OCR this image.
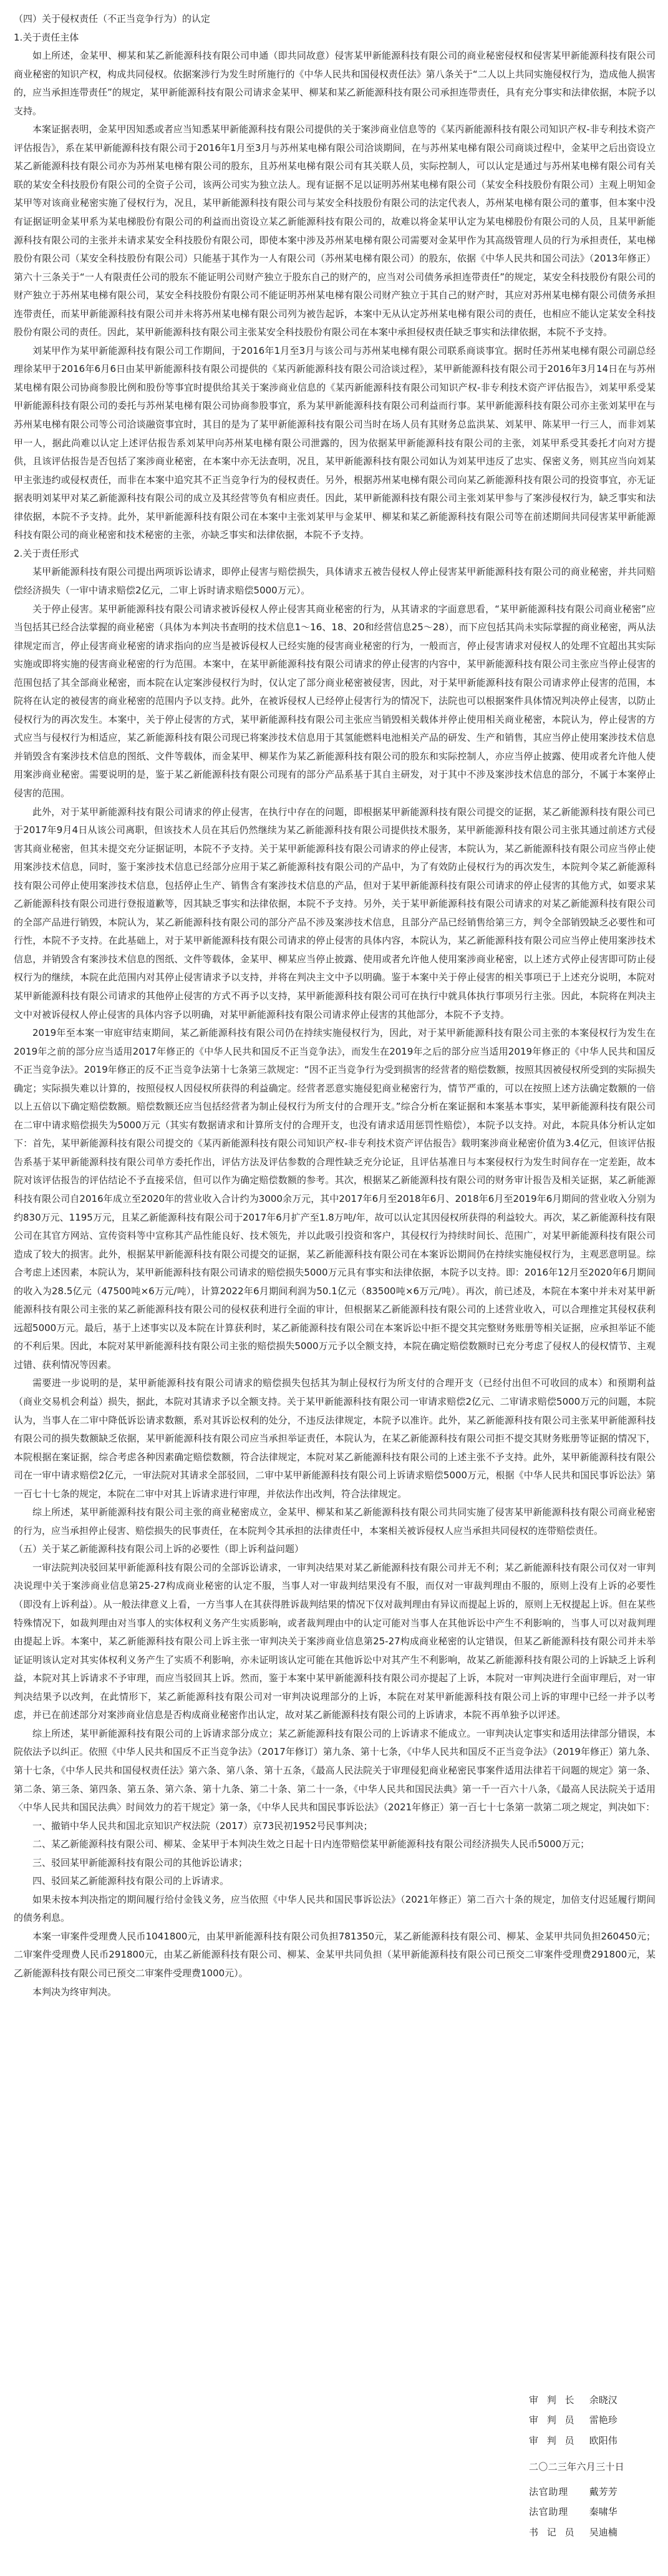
（四）关于侵权责任（不正当竞争行为）的认定

1.关于责任主体

如上所述，金某甲、柳某和某乙新能源科技有限公司申通（即共同故意）侵害某甲新能源科技有限公司的商业秘密侵权和侵害某甲新能源科技有限公司商业秘密的知识产权，构成共同侵权。依据案涉行为发生时所施行的《中华人民共和国侵权责任法》第八条关于“二人以上共同实施侵权行为，造成他人损害的，应当承担连带责任”的规定，某甲新能源科技有限公司请求金某甲、柳某和某乙新能源科技有限公司承担连带责任，具有充分事实和法律依据，本院予以支持。

本案证据表明，金某甲因知悉或者应当知悉某甲新能源科技有限公司提供的关于案涉商业信息等的《某丙新能源科技有限公司知识产权-非专利技术资产评估报告》，系在某甲新能源科技有限公司于2016年1月至3月与苏州某电梯有限公司洽谈期间，在与苏州某电梯有限公司商谈过程中，金某甲之后出资设立某乙新能源科技有限公司亦为苏州某电梯有限公司的股东，且苏州某电梯有限公司有其关联人员，实际控制人，可以认定是通过与苏州某电梯有限公司有关联的某安全科技股份有限公司的全资子公司，该两公司实为独立法人。现有证据不足以证明苏州某电梯有限公司（某安全科技股份有限公司）主观上明知金某甲等对该商业秘密实施了侵权行为，况且，某甲新能源科技有限公司与某安全科技股份有限公司的法定代表人，苏州某电梯有限公司的董事，但本案中没有证据证明金某甲系为某电梯股份有限公司的利益而出资设立某乙新能源科技有限公司的，故难以将金某甲认定为某电梯股份有限公司的人员，且某甲新能源科技有限公司的主张并未请求某安全科技股份有限公司，即使本案中涉及苏州某电梯有限公司需要对金某甲作为其高级管理人员的行为承担责任，某电梯股份有限公司（某安全科技股份有限公司）只能基于其作为一人有限公司（苏州某电梯有限公司）的股东，依据《中华人民共和国公司法》（2013年修正）第六十三条关于“一人有限责任公司的股东不能证明公司财产独立于股东自己的财产的，应当对公司债务承担连带责任”的规定，某安全科技股份有限公司的财产独立于苏州某电梯有限公司，某安全科技股份有限公司不能证明苏州某电梯有限公司财产独立于其自己的财产时，其应对苏州某电梯有限公司债务承担连带责任，而某甲新能源科技有限公司并未将苏州某电梯有限公司列为被告起诉，本案中无从认定苏州某电梯有限公司的责任，也相应不能认定某安全科技股份有限公司的责任。因此，某甲新能源科技有限公司主张某安全科技股份有限公司在本案中承担侵权责任缺乏事实和法律依据，本院不予支持。

刘某甲作为某甲新能源科技有限公司工作期间，于2016年1月至3月与该公司与苏州某电梯有限公司联系商谈事宜。据时任苏州某电梯有限公司副总经理徐某甲于2016年6月6日由某甲新能源科技有限公司提供的《某丙新能源科技有限公司洽谈过程》，某甲新能源科技有限公司于2016年3月14日在与苏州某电梯有限公司协商参股比例和股份等事宜时提供给其关于案涉商业信息的《某丙新能源科技有限公司知识产权-非专利技术资产评估报告》，刘某甲系受某甲新能源科技有限公司的委托与苏州某电梯有限公司协商参股事宜，系为某甲新能源科技有限公司利益而行事。某甲新能源科技有限公司亦主张刘某甲在与苏州某电梯有限公司等公司洽谈融资事宜时，其目的是为了某甲新能源科技有限公司当时在场人员有其财务总监洪某、刘某甲、陈某甲一行三人，而非刘某甲一人，据此尚难以认定上述评估报告系刘某甲向苏州某电梯有限公司泄露的，因为依据某甲新能源科技有限公司的主张，刘某甲系受其委托才向对方提供，且该评估报告是否包括了案涉商业秘密，在本案中亦无法查明，况且，某甲新能源科技有限公司如认为刘某甲违反了忠实、保密义务，则其应当向刘某甲主张违约或侵权责任，而非在本案中追究其不正当竞争行为的侵权责任。另外，根据苏州某电梯有限公司向某乙新能源科技有限公司的投资事宜，亦无证据表明刘某甲对某乙新能源科技有限公司的成立及其经营等负有相应责任。因此，某甲新能源科技有限公司主张刘某甲参与了案涉侵权行为，缺乏事实和法律依据，本院不予支持。此外，某甲新能源科技有限公司在本案中主张刘某甲与金某甲、柳某和某乙新能源科技有限公司等在前述期间共同侵害某甲新能源科技有限公司的商业秘密和技术秘密的主张，亦缺乏事实和法律依据，本院不予支持。

2.关于责任形式

某甲新能源科技有限公司提出两项诉讼请求，即停止侵害与赔偿损失，具体请求五被告侵权人停止侵害某甲新能源科技有限公司的商业秘密，并共同赔偿经济损失（一审中请求赔偿2亿元，二审上诉时请求赔偿5000万元）。

关于停止侵害。某甲新能源科技有限公司请求被诉侵权人停止侵害其商业秘密的行为，从其请求的字面意思看，“某甲新能源科技有限公司商业秘密”应当包括其已经合法掌握的商业秘密（具体为本判决书查明的技术信息1～16、18、20和经营信息25～28），而下应包括其尚未实际掌握的商业秘密，两从法律规定而言，停止侵害商业秘密的请求指向的应当是被诉侵权人已经实施的侵害商业秘密的行为，一般而言，停止侵害请求对侵权人的处理不宜超出其实际实施或即将实施的侵害商业秘密的行为范围。本案中，在某甲新能源科技有限公司请求的停止侵害的内容中，某甲新能源科技有限公司主张应当停止侵害的范围包括了其全部商业秘密，而本院在认定案涉侵权行为时，仅认定了部分商业秘密被侵害，因此，对于某甲新能源科技有限公司请求停止侵害的范围，本院将在认定的被侵害的商业秘密的范围内予以支持。此外，在被诉侵权人已经停止侵害行为的情况下，法院也可以根据案件具体情况判决停止侵害，以防止侵权行为的再次发生。本案中，关于停止侵害的方式，某甲新能源科技有限公司主张应当销毁相关载体并停止使用相关商业秘密，本院认为，停止侵害的方式应当与侵权行为相适应，某乙新能源科技有限公司现已将案涉技术信息用于其氢能燃料电池相关产品的研发、生产和销售，其应当停止使用案涉技术信息并销毁含有案涉技术信息的图纸、文件等载体，而金某甲、柳某作为某乙新能源科技有限公司的股东和实际控制人，亦应当停止披露、使用或者允许他人使用案涉商业秘密。需要说明的是，鉴于某乙新能源科技有限公司现有的部分产品系基于其自主研发，对于其中不涉及案涉技术信息的部分，不属于本案停止侵害的范围。

此外，对于某甲新能源科技有限公司请求的停止侵害，在执行中存在的问题，即根据某甲新能源科技有限公司提交的证据，某乙新能源科技有限公司已于2017年9月4日从该公司离职，但该技术人员在其后仍然继续为某乙新能源科技有限公司提供技术服务，某甲新能源科技有限公司主张其通过前述方式侵害其商业秘密，但其未提交充分证据证明，本院不予支持。关于某甲新能源科技有限公司请求的停止侵害，本院认为，某乙新能源科技有限公司应当停止使用案涉技术信息，同时，鉴于案涉技术信息已经部分应用于某乙新能源科技有限公司的产品中，为了有效防止侵权行为的再次发生，本院判令某乙新能源科技有限公司停止使用案涉技术信息，包括停止生产、销售含有案涉技术信息的产品，但对于某甲新能源科技有限公司请求的停止侵害的其他方式，如要求某乙新能源科技有限公司进行登报道歉等，因其缺乏事实和法律依据，本院不予支持。另外，关于某甲新能源科技有限公司请求的对某乙新能源科技有限公司的全部产品进行销毁，本院认为，某乙新能源科技有限公司的部分产品不涉及案涉技术信息，且部分产品已经销售给第三方，判令全部销毁缺乏必要性和可行性，本院不予支持。在此基础上，对于某甲新能源科技有限公司请求的停止侵害的具体内容，本院认为，某乙新能源科技有限公司应当停止使用案涉技术信息，并销毁含有案涉技术信息的图纸、文件等载体，金某甲、柳某应当停止披露、使用或者允许他人使用案涉商业秘密，以上述方式停止侵害即可防止侵权行为的继续，本院在此范围内对其停止侵害请求予以支持，并将在判决主文中予以明确。鉴于本案中关于停止侵害的相关事项已于上述充分说明，本院对某甲新能源科技有限公司请求的其他停止侵害的方式不再予以支持，某甲新能源科技有限公司可在执行中就具体执行事项另行主张。因此，本院将在判决主文中对被诉侵权人停止侵害的具体内容予以明确，对某甲新能源科技有限公司请求停止侵害的其他部分，本院不予支持。

2019年至本案一审庭审结束期间，某乙新能源科技有限公司仍在持续实施侵权行为，因此，对于某甲新能源科技有限公司主张的本案侵权行为发生在2019年之前的部分应当适用2017年修正的《中华人民共和国反不正当竞争法》，而发生在2019年之后的部分应当适用2019年修正的《中华人民共和国反不正当竞争法》。2019年修正的反不正当竞争法第十七条第三款规定：“因不正当竞争行为受到损害的经营者的赔偿数额，按照其因被侵权所受到的实际损失确定；实际损失难以计算的，按照侵权人因侵权所获得的利益确定。经营者恶意实施侵犯商业秘密行为，情节严重的，可以在按照上述方法确定数额的一倍以上五倍以下确定赔偿数额。赔偿数额还应当包括经营者为制止侵权行为所支付的合理开支。”综合分析在案证据和本案基本事实，某甲新能源科技有限公司在二审中请求赔偿损失为5000万元（其实有数据请求和计算所支付的合理开支，也没有请求适用惩罚性赔偿），本院予以支持。对此，本院具体分析认定如下：首先，某甲新能源科技有限公司提交的《某丙新能源科技有限公司知识产权-非专利技术资产评估报告》载明案涉商业秘密价值为3.4亿元，但该评估报告系基于某甲新能源科技有限公司单方委托作出，评估方法及评估参数的合理性缺乏充分论证，且评估基准日与本案侵权行为发生时间存在一定差距，故本院对该评估报告的评估结论不予直接采信，但可以作为确定赔偿数额的参考。其次，根据某乙新能源科技有限公司的财务审计报告及相关证据，某乙新能源科技有限公司自2016年成立至2020年的营业收入合计约为3000余万元，其中2017年6月至2018年6月、2018年6月至2019年6月期间的营业收入分别为约830万元、1195万元，且某乙新能源科技有限公司于2017年6月扩产至1.8万吨/年，故可以认定其因侵权所获得的利益较大。再次，某乙新能源科技有限公司在其官方网站、宣传资料等中宣称其产品性能良好、技术领先，并以此吸引投资和客户，其侵权行为持续时间长、范围广，对某甲新能源科技有限公司造成了较大的损害。此外，根据某甲新能源科技有限公司提交的证据，某乙新能源科技有限公司在本案诉讼期间仍在持续实施侵权行为，主观恶意明显。综合考虑上述因素，本院认为，某甲新能源科技有限公司请求的赔偿损失5000万元具有事实和法律依据，本院予以支持。即：2016年12月至2020年6月期间的收入为28.5亿元（47500吨×6万元/吨），计算2022年6月期间利润为50.1亿元（83500吨×6万元/吨）。再次，前已述及，本院在本案中并未对某甲新能源科技有限公司主张的某乙新能源科技有限公司的侵权获利进行全面的审计，但根据某乙新能源科技有限公司的上述营业收入，可以合理推定其侵权获利远超5000万元。最后，基于上述事实以及本院在计算获利时，某乙新能源科技有限公司在本案诉讼中拒不提交其完整财务账册等相关证据，应承担举证不能的不利后果。因此，本院对某甲新能源科技有限公司主张的赔偿损失5000万元予以全额支持，本院在确定赔偿数额时已充分考虑了侵权人的侵权情节、主观过错、获利情况等因素。

需要进一步说明的是，某甲新能源科技有限公司请求的赔偿损失包括其为制止侵权行为所支付的合理开支（已经付出但不可收回的成本）和预期利益（商业交易机会利益）损失，据此，本院对其请求予以全额支持。关于某甲新能源科技有限公司一审请求赔偿2亿元、二审请求赔偿5000万元的问题，本院认为，当事人在二审中降低诉讼请求数额，系对其诉讼权利的处分，不违反法律规定，本院予以准许。此外，某乙新能源科技有限公司主张某甲新能源科技有限公司的损失数额缺乏依据，某甲新能源科技有限公司应当承担举证责任，本院认为，在某乙新能源科技有限公司拒不提交其财务账册等证据的情况下，本院根据在案证据，综合考虑各种因素确定赔偿数额，符合法律规定，本院对某乙新能源科技有限公司的上述主张不予支持。此外，某甲新能源科技有限公司在一审中请求赔偿2亿元，一审法院对其请求全部驳回，二审中某甲新能源科技有限公司上诉请求赔偿5000万元，根据《中华人民共和国民事诉讼法》第一百七十七条的规定，本院在二审中对其上诉请求进行审理，并依法作出改判，符合法律规定。

综上所述，某甲新能源科技有限公司主张的商业秘密成立，金某甲、柳某和某乙新能源科技有限公司共同实施了侵害某甲新能源科技有限公司商业秘密的行为，应当承担停止侵害、赔偿损失的民事责任，在本院判令其承担的法律责任中，本案相关被诉侵权人应当承担共同侵权的连带赔偿责任。

（五）关于某乙新能源科技有限公司上诉的必要性（即上诉利益问题）

一审法院判决驳回某甲新能源科技有限公司的全部诉讼请求，一审判决结果对某乙新能源科技有限公司并无不利；某乙新能源科技有限公司仅对一审判决说理中关于案涉商业信息第25-27构成商业秘密的认定不服，当事人对一审裁判结果没有不服，而仅对一审裁判理由不服的，原则上没有上诉的必要性（即没有上诉利益）。从一般法律意义上看，一方当事人在其获得胜诉裁判结果的情况下仅对裁判理由有异议而提起上诉的，原则上无权提起上诉。但在某些特殊情况下，如裁判理由对当事人的实体权利义务产生实质影响，或者裁判理由中的认定可能对当事人在其他诉讼中产生不利影响的，当事人可以对裁判理由提起上诉。本案中，某乙新能源科技有限公司上诉主张一审判决关于案涉商业信息第25-27构成商业秘密的认定错误，但某乙新能源科技有限公司并未举证证明该认定对其实体权利义务产生了实质不利影响，亦未证明该认定可能在其他诉讼中对其产生不利影响，故某乙新能源科技有限公司的上诉缺乏上诉利益，本院对其上诉请求不予审理，而应当驳回其上诉。然而，鉴于本案中某甲新能源科技有限公司亦提起了上诉，本院对一审判决进行全面审理后，对一审判决结果予以改判，在此情形下，某乙新能源科技有限公司对一审判决说理部分的上诉，本院在对某甲新能源科技有限公司上诉的审理中已经一并予以考虑，并已在前述部分对案涉商业信息是否构成商业秘密作出认定，故对某乙新能源科技有限公司的上诉请求，本院不再单独予以评述。

综上所述，某甲新能源科技有限公司的上诉请求部分成立；某乙新能源科技有限公司的上诉请求不能成立。一审判决认定事实和适用法律部分错误，本院依法予以纠正。依照《中华人民共和国反不正当竞争法》（2017年修订）第九条、第十七条，《中华人民共和国反不正当竞争法》（2019年修正）第九条、第十七条，《中华人民共和国侵权责任法》第六条、第八条、第十五条，《最高人民法院关于审理侵犯商业秘密民事案件适用法律若干问题的规定》第一条、第二条、第三条、第四条、第五条、第六条、第十九条、第二十条、第二十一条，《中华人民共和国民法典》第一千一百六十八条，《最高人民法院关于适用〈中华人民共和国民法典〉时间效力的若干规定》第一条，《中华人民共和国民事诉讼法》（2021年修正）第一百七十七条第一款第二项之规定，判决如下：

一、撤销中华人民共和国北京知识产权法院（2017）京73民初1952号民事判决；

二、某乙新能源科技有限公司、柳某、金某甲于本判决生效之日起十日内连带赔偿某甲新能源科技有限公司经济损失人民币5000万元；

三、驳回某甲新能源科技有限公司的其他诉讼请求；

四、驳回某乙新能源科技有限公司的上诉请求。

如果未按本判决指定的期间履行给付金钱义务，应当依照《中华人民共和国民事诉讼法》（2021年修正）第二百六十条的规定，加倍支付迟延履行期间的债务利息。

本案一审案件受理费人民币1041800元，由某甲新能源科技有限公司负担781350元，某乙新能源科技有限公司、柳某、金某甲共同负担260450元；二审案件受理费人民币291800元，由某乙新能源科技有限公司、柳某、金某甲共同负担（某甲新能源科技有限公司已预交二审案件受理费291800元，某乙新能源科技有限公司已预交二审案件受理费1000元）。

本判决为终审判决。

审 判 长 余晓汉
审 判 员 雷艳珍
审 判 员 欧阳伟
二〇二三年六月三十日
法官助理 戴芳芳
法官助理 秦啸华
书 记 员 吴迪楠
